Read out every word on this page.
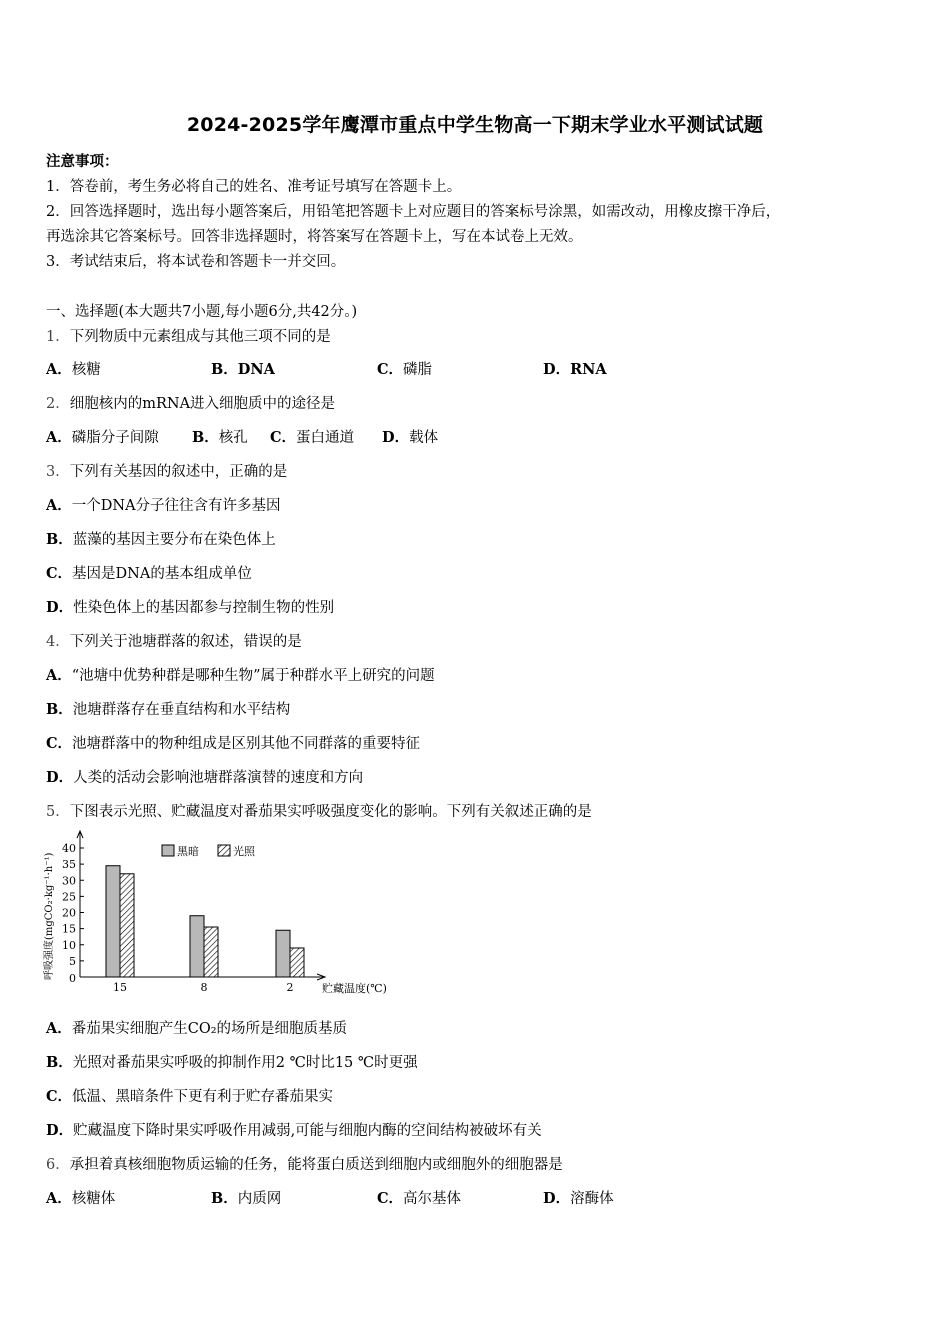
2024-2025学年鹰潭市重点中学生物高一下期末学业水平测试试题
注意事项：
1．答卷前，考生务必将自己的姓名、准考证号填写在答题卡上。
2．回答选择题时，选出每小题答案后，用铅笔把答题卡上对应题目的答案标号涂黑，如需改动，用橡皮擦干净后，
再选涂其它答案标号。回答非选择题时，将答案写在答题卡上，写在本试卷上无效。
3．考试结束后，将本试卷和答题卡一并交回。
一、选择题(本大题共7小题,每小题6分,共42分。)
1．下列物质中元素组成与其他三项不同的是
A．核糖	B．DNA	C．磷脂	D．RNA
2．细胞核内的mRNA进入细胞质中的途径是
A．磷脂分子间隙 B．核孔 C．蛋白通道 D．载体
3．下列有关基因的叙述中，正确的是
A．一个DNA分子往往含有许多基因
B．蓝藻的基因主要分布在染色体上
C．基因是DNA的基本组成单位
D．性染色体上的基因都参与控制生物的性别
4．下列关于池塘群落的叙述，错误的是
A．“池塘中优势种群是哪种生物”属于种群水平上研究的问题
B．池塘群落存在垂直结构和水平结构
C．池塘群落中的物种组成是区别其他不同群落的重要特征
D．人类的活动会影响池塘群落演替的速度和方向
5．下图表示光照、贮藏温度对番茄果实呼吸强度变化的影响。下列有关叙述正确的是
0
5
10
15
20
25
30
35
40
呼吸强度(mgCO₂·kg⁻¹·h⁻¹)
15	8	2	贮藏温度(℃)
黑暗	光照
A．番茄果实细胞产生CO₂的场所是细胞质基质
B．光照对番茄果实呼吸的抑制作用2 ℃时比15 ℃时更强
C．低温、黑暗条件下更有利于贮存番茄果实
D．贮藏温度下降时果实呼吸作用减弱,可能与细胞内酶的空间结构被破坏有关
6．承担着真核细胞物质运输的任务，能将蛋白质送到细胞内或细胞外的细胞器是
A．核糖体	B．内质网	C．高尔基体	D．溶酶体
